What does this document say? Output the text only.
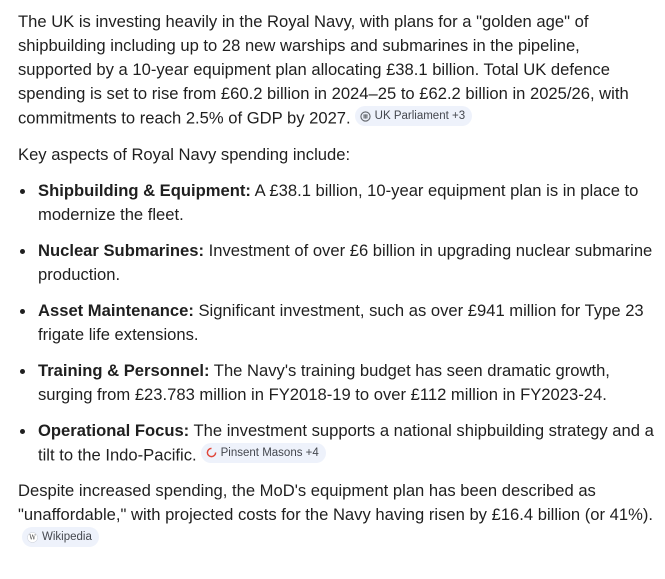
The UK is investing heavily in the Royal Navy, with plans for a "golden age" of shipbuilding including up to 28 new warships and submarines in the pipeline, supported by a 10-year equipment plan allocating £38.1 billion. Total UK defence spending is set to rise from £60.2 billion in 2024–25 to £62.2 billion in 2025/26, with commitments to reach 2.5% of GDP by 2027. UK Parliament +3

Key aspects of Royal Navy spending include:

Shipbuilding & Equipment: A £38.1 billion, 10-year equipment plan is in place to modernize the fleet.
Nuclear Submarines: Investment of over £6 billion in upgrading nuclear submarine production.
Asset Maintenance: Significant investment, such as over £941 million for Type 23 frigate life extensions.
Training & Personnel: The Navy's training budget has seen dramatic growth, surging from £23.783 million in FY2018-19 to over £112 million in FY2023-24.
Operational Focus: The investment supports a national shipbuilding strategy and a tilt to the Indo-Pacific. Pinsent Masons +4

Despite increased spending, the MoD's equipment plan has been described as "unaffordable," with projected costs for the Navy having risen by £16.4 billion (or 41%).
W Wikipedia
